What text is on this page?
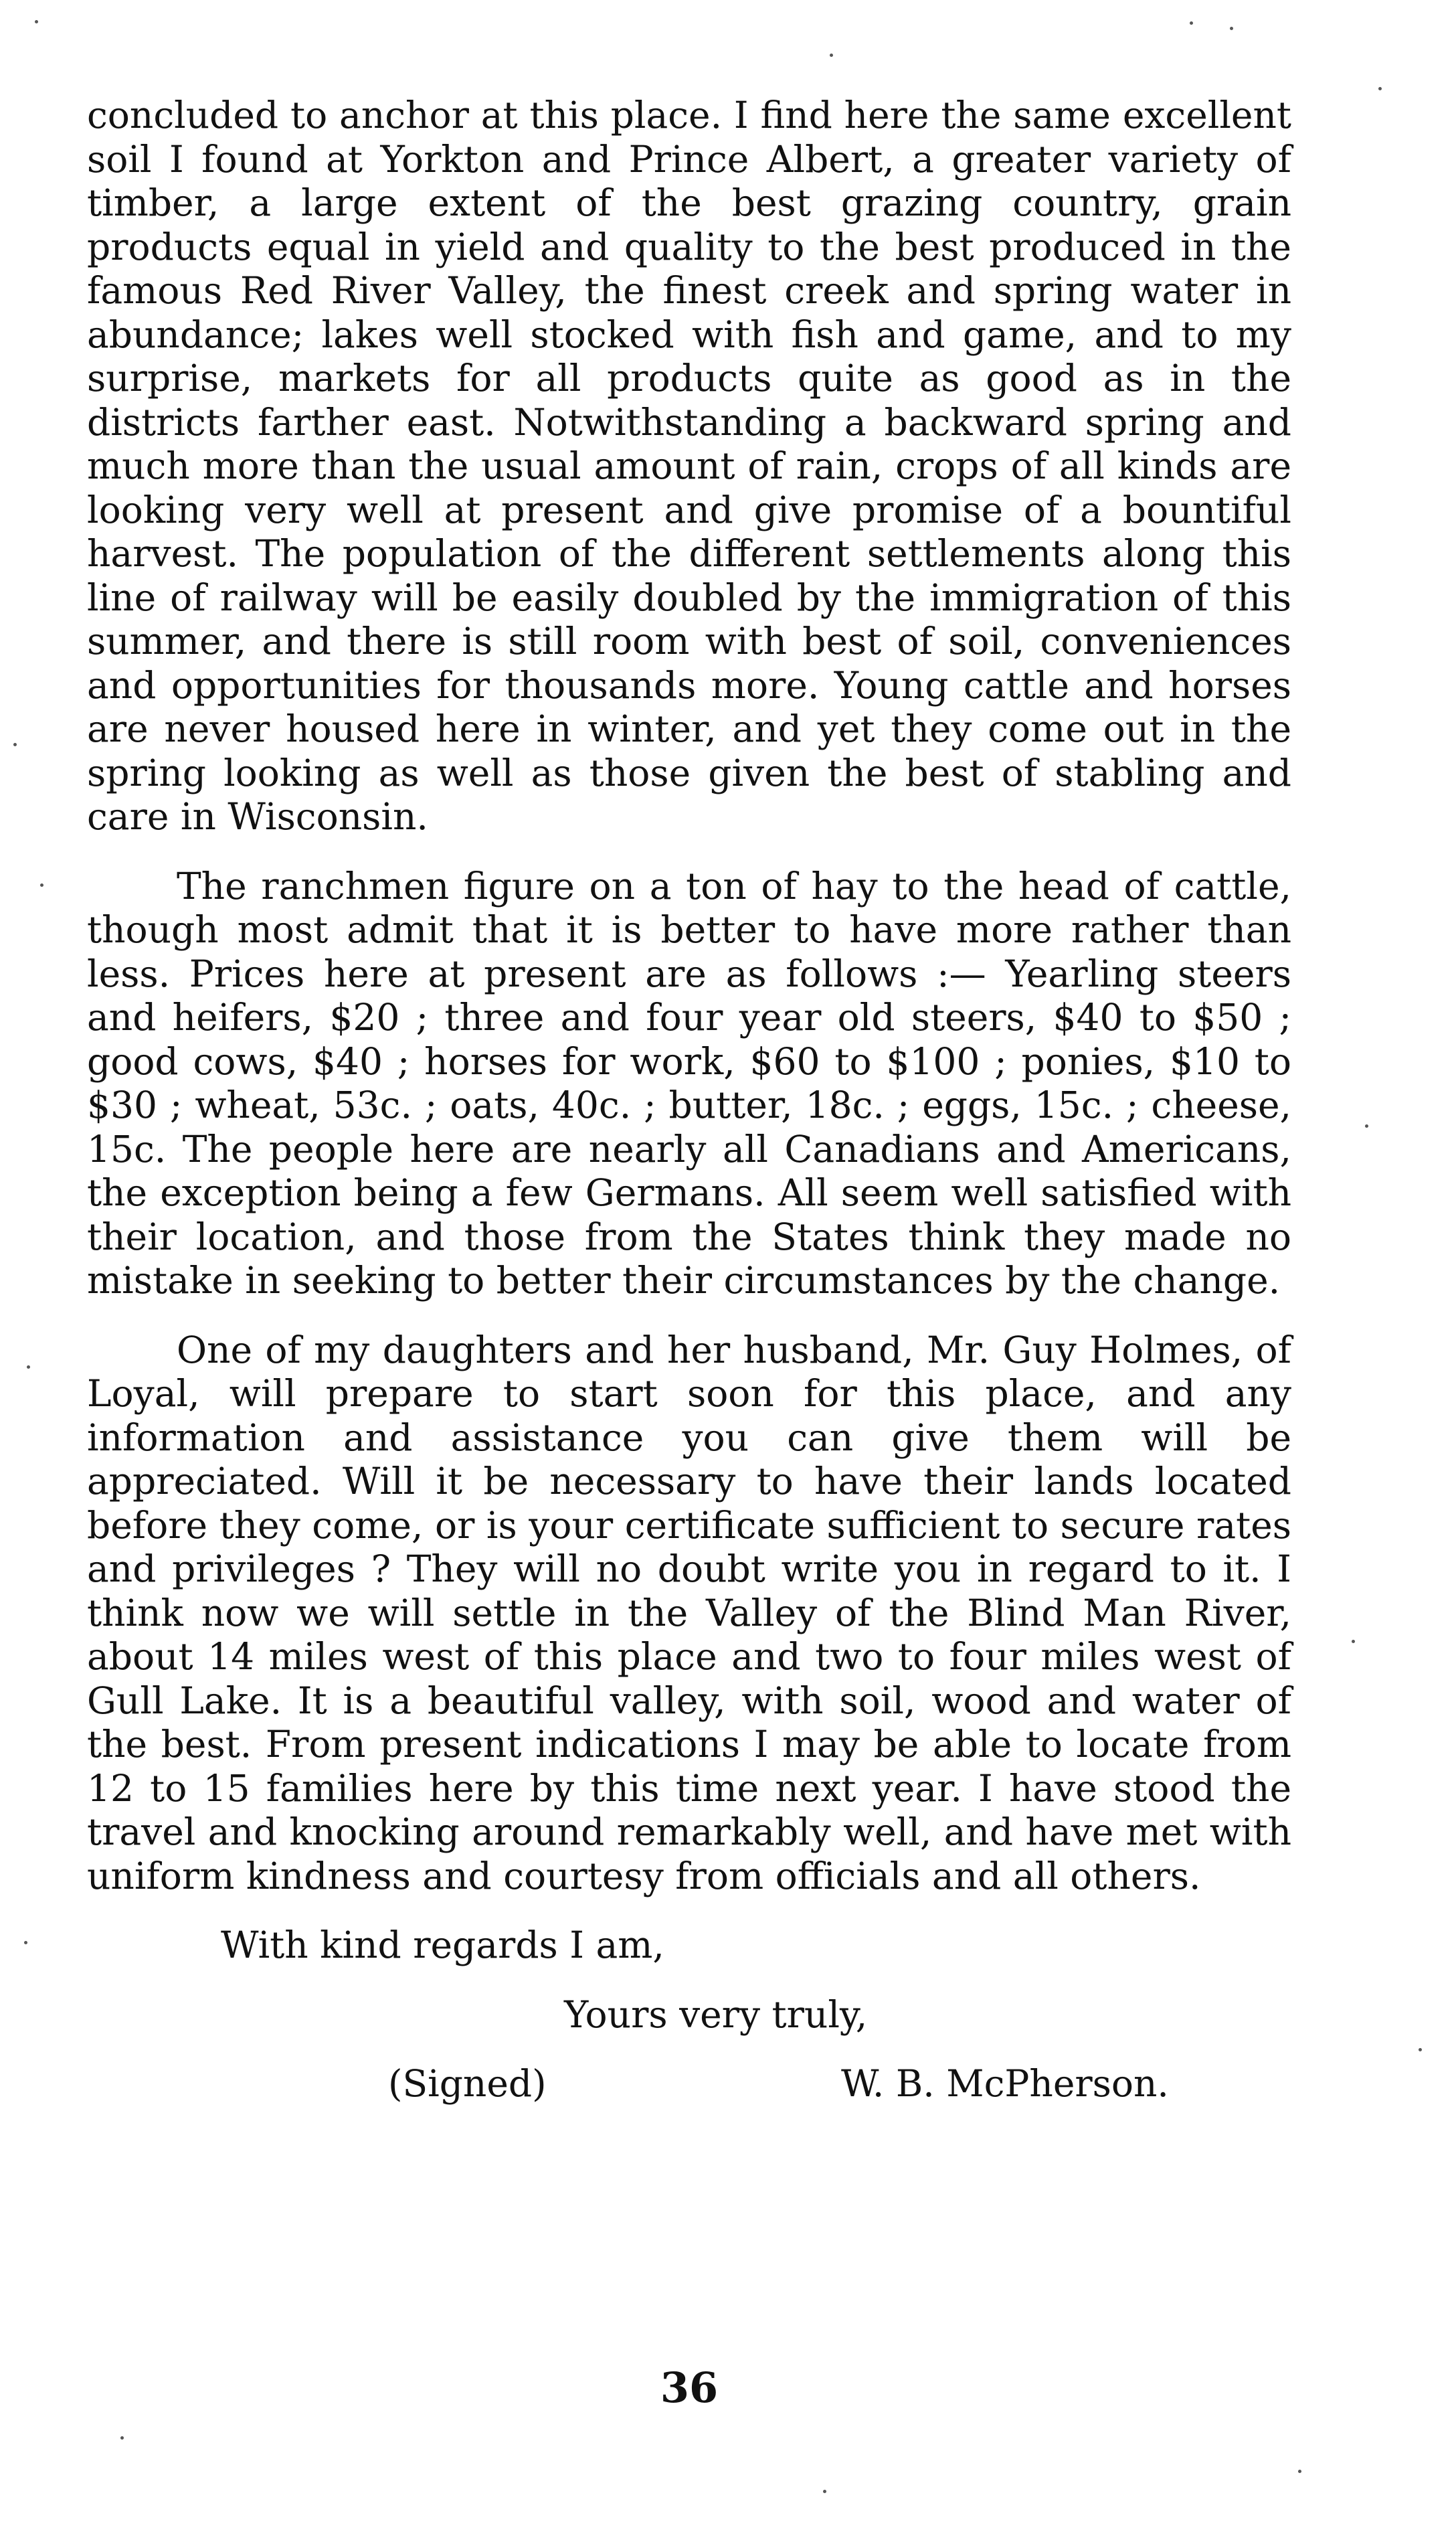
concluded to anchor at this place. I find here the same excellent soil I found at Yorkton and Prince Albert, a greater variety of timber, a large extent of the best grazing country, grain products equal in yield and quality to the best produced in the famous Red River Valley, the finest creek and spring water in abundance; lakes well stocked with fish and game, and to my surprise, markets for all products quite as good as in the districts farther east. Notwithstanding a backward spring and much more than the usual amount of rain, crops of all kinds are looking very well at present and give promise of a bountiful harvest. The population of the different settlements along this line of railway will be easily doubled by the immigration of this summer, and there is still room with best of soil, conveniences and opportunities for thousands more. Young cattle and horses are never housed here in winter, and yet they come out in the spring looking as well as those given the best of stabling and care in Wisconsin.

The ranchmen figure on a ton of hay to the head of cattle, though most admit that it is better to have more rather than less. Prices here at present are as follows :— Yearling steers and heifers, $20 ; three and four year old steers, $40 to $50 ; good cows, $40 ; horses for work, $60 to $100 ; ponies, $10 to $30 ; wheat, 53c. ; oats, 40c. ; butter, 18c. ; eggs, 15c. ; cheese, 15c. The people here are nearly all Canadians and Americans, the exception being a few Germans. All seem well satisfied with their location, and those from the States think they made no mistake in seeking to better their circumstances by the change.

One of my daughters and her husband, Mr. Guy Holmes, of Loyal, will prepare to start soon for this place, and any information and assistance you can give them will be appreciated. Will it be necessary to have their lands located before they come, or is your certificate sufficient to secure rates and privileges ? They will no doubt write you in regard to it. I think now we will settle in the Valley of the Blind Man River, about 14 miles west of this place and two to four miles west of Gull Lake. It is a beautiful valley, with soil, wood and water of the best. From present indications I may be able to locate from 12 to 15 families here by this time next year. I have stood the travel and knocking around remarkably well, and have met with uniform kindness and courtesy from officials and all others.

With kind regards I am,

Yours very truly,

(Signed)	W. B. McPherson.
36
